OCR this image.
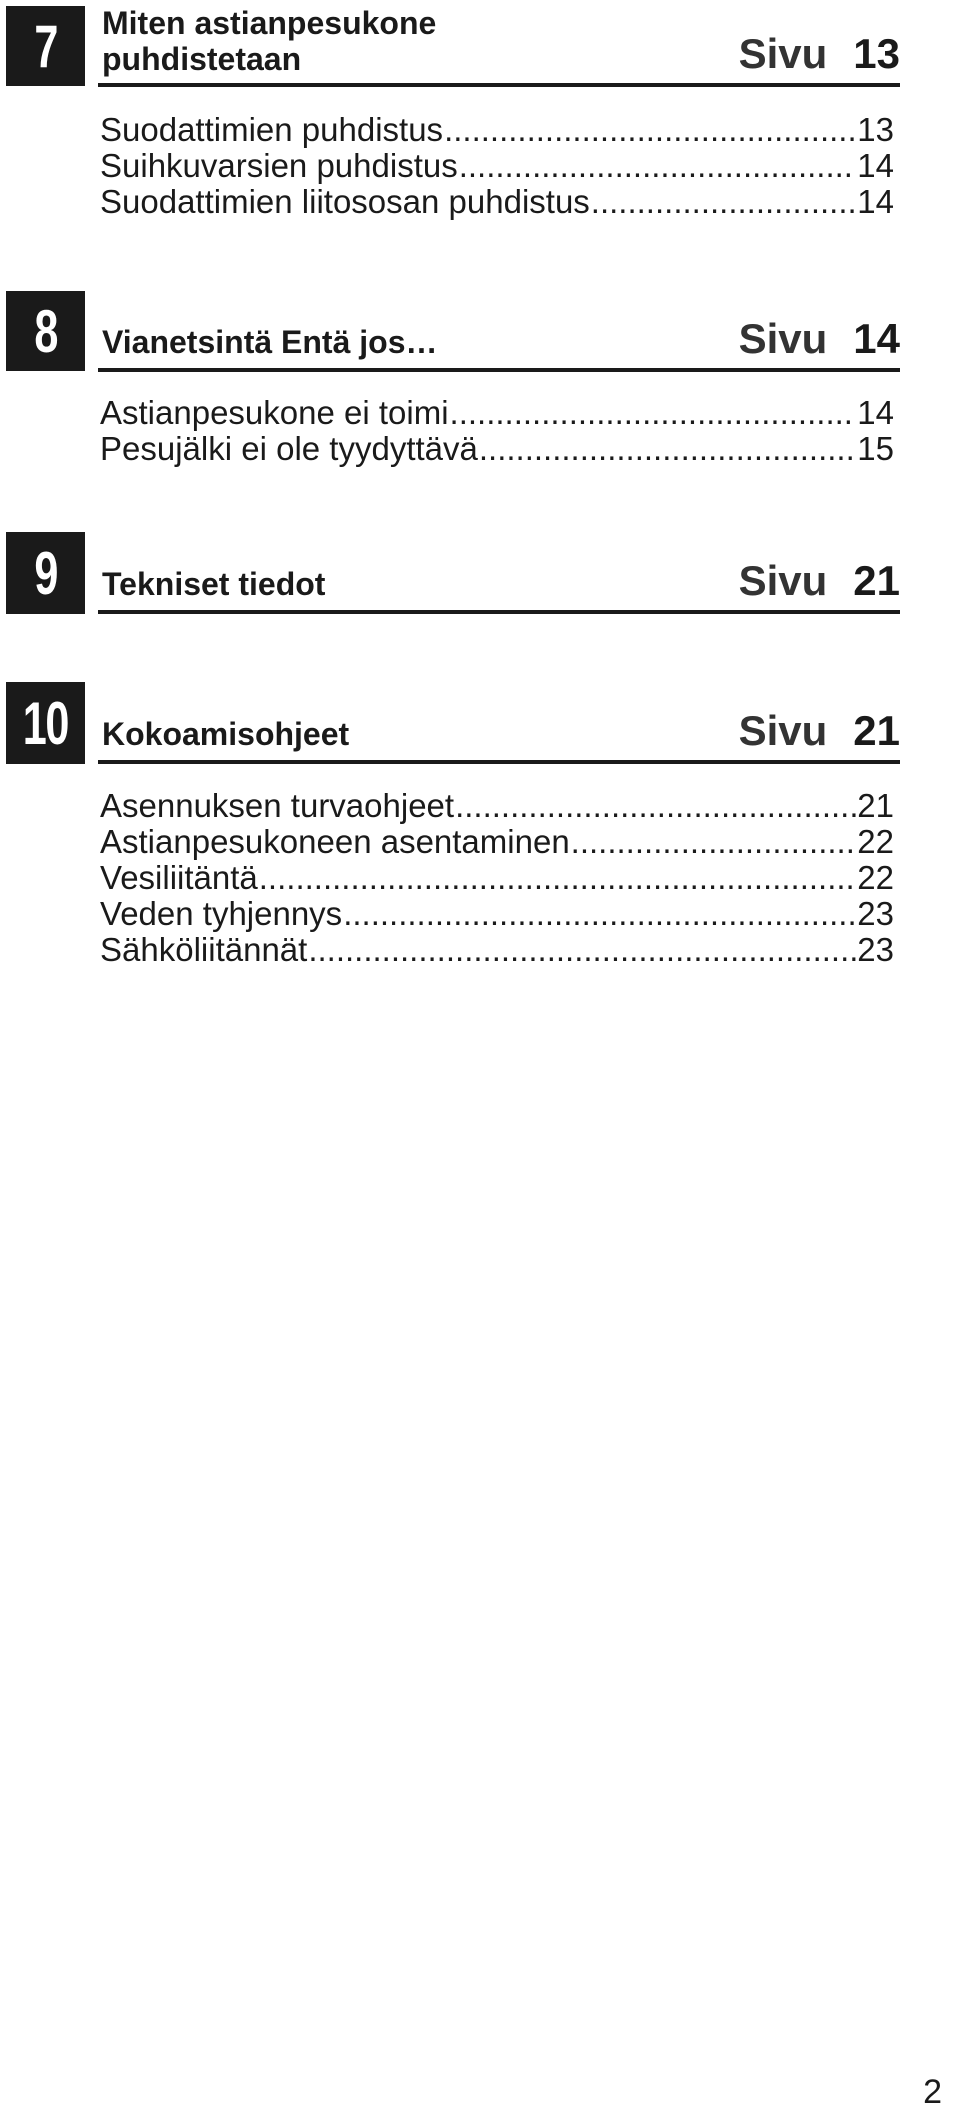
7 Miten astianpesukone
puhdistetaan	Sivu 13
Suodattimien puhdistus .....	13
Suihkuvarsien puhdistus .....	14
Suodattimien liitososan puhdistus .....	14
8 Vianetsintä Entä jos…	Sivu 14
Astianpesukone ei toimi .....	14
Pesujälki ei ole tyydyttävä .....	15
9 Tekniset tiedot	Sivu 21
10 Kokoamisohjeet	Sivu 21
Asennuksen turvaohjeet .....	21
Astianpesukoneen asentaminen .....	22
Vesiliitäntä .....	22
Veden tyhjennys .....	23
Sähköliitännät .....	23
2
